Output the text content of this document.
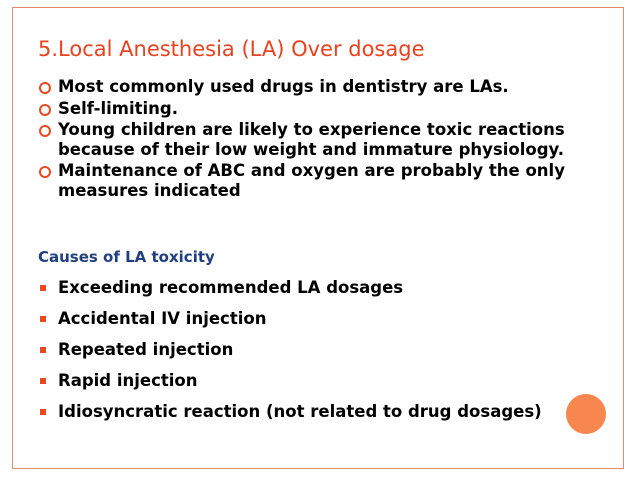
5.Local Anesthesia (LA) Over dosage
Most commonly used drugs in dentistry are LAs.
Self-limiting.
Young children are likely to experience toxic reactions because of their low weight and immature physiology.
Maintenance of ABC and oxygen are probably the only measures indicated
Causes of LA toxicity
Exceeding recommended LA dosages
Accidental IV injection
Repeated injection
Rapid injection
Idiosyncratic reaction (not related to drug dosages)
